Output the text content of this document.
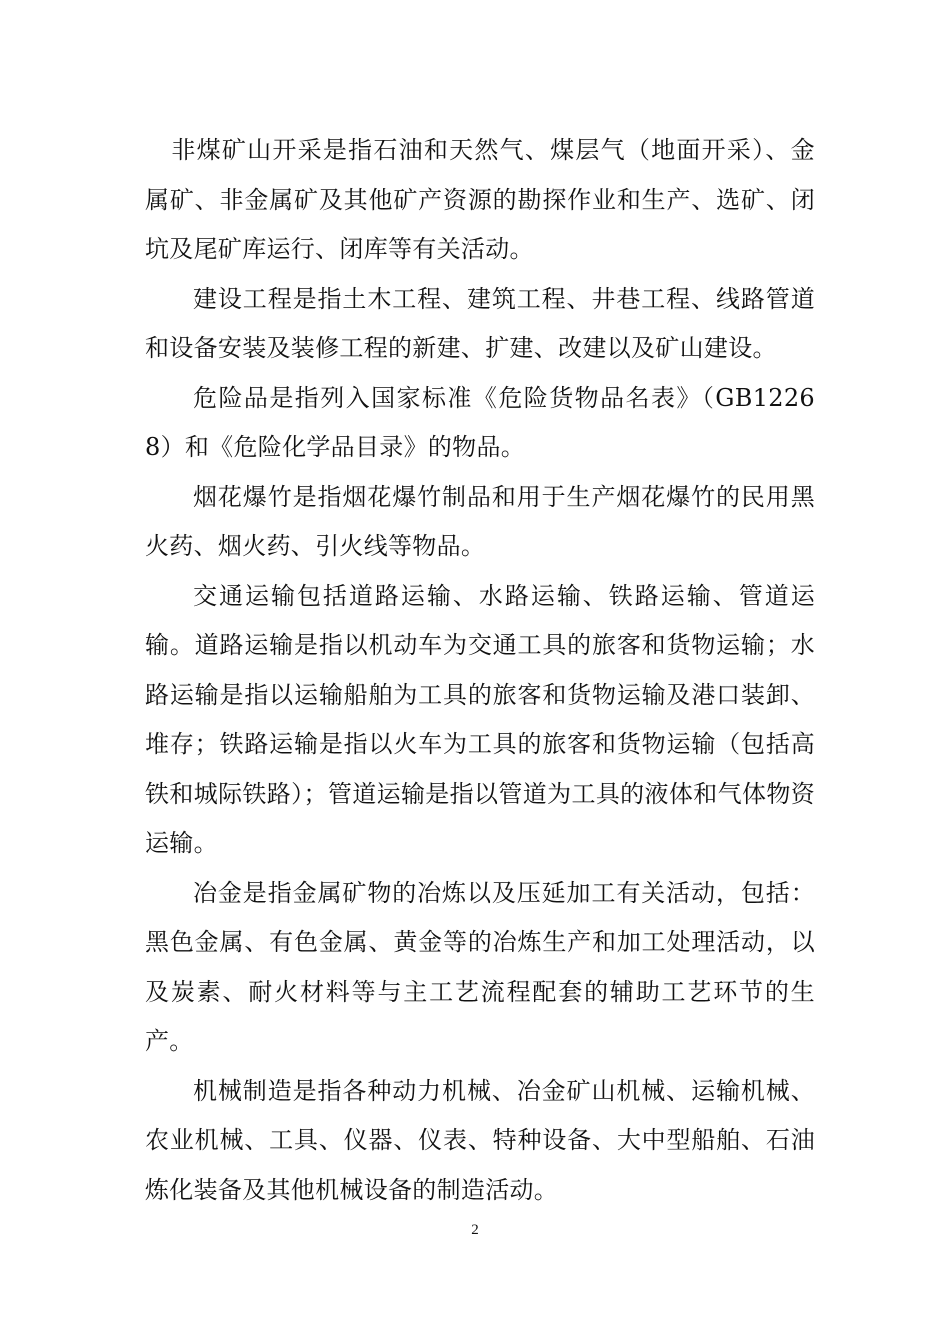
非煤矿山开采是指石油和天然气、煤层气（地面开采）、金属矿、非金属矿及其他矿产资源的勘探作业和生产、选矿、闭坑及尾矿库运行、闭库等有关活动。

建设工程是指土木工程、建筑工程、井巷工程、线路管道和设备安装及装修工程的新建、扩建、改建以及矿山建设。

危险品是指列入国家标准《危险货物品名表》（GB12268）和《危险化学品目录》的物品。

烟花爆竹是指烟花爆竹制品和用于生产烟花爆竹的民用黑火药、烟火药、引火线等物品。

交通运输包括道路运输、水路运输、铁路运输、管道运输。道路运输是指以机动车为交通工具的旅客和货物运输；水路运输是指以运输船舶为工具的旅客和货物运输及港口装卸、堆存；铁路运输是指以火车为工具的旅客和货物运输（包括高铁和城际铁路）；管道运输是指以管道为工具的液体和气体物资运输。

冶金是指金属矿物的冶炼以及压延加工有关活动，包括：黑色金属、有色金属、黄金等的冶炼生产和加工处理活动，以及炭素、耐火材料等与主工艺流程配套的辅助工艺环节的生产。

机械制造是指各种动力机械、冶金矿山机械、运输机械、农业机械、工具、仪器、仪表、特种设备、大中型船舶、石油炼化装备及其他机械设备的制造活动。

2
